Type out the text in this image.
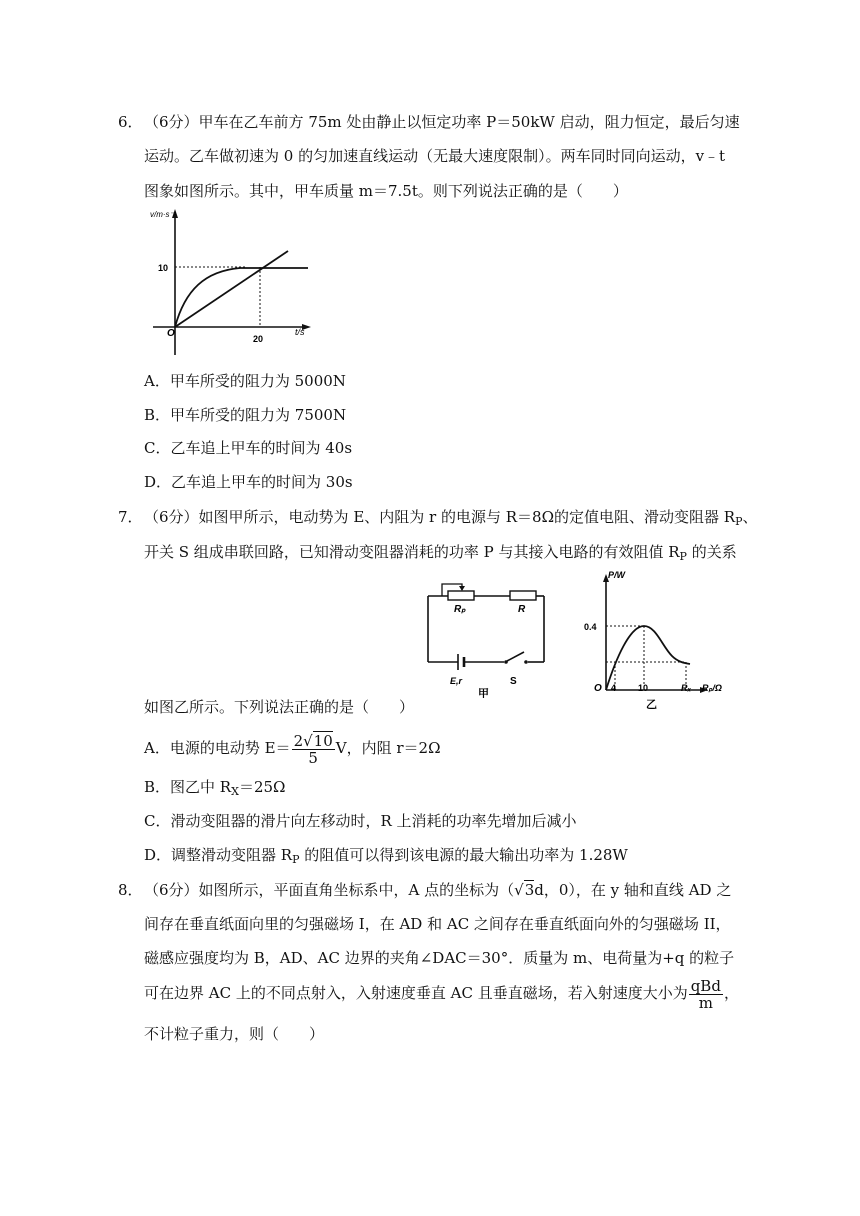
6． （6分）甲车在乙车前方 75m 处由静止以恒定功率 P＝50kW 启动，阻力恒定，最后匀速
运动。乙车做初速为 0 的匀加速直线运动（无最大速度限制）。两车同时同向运动，v﹣t
图象如图所示。其中，甲车质量 m＝7.5t。则下列说法正确的是（　　）
v/m·s⁻¹
t/s
10
20
O
A．甲车所受的阻力为 5000N
B．甲车所受的阻力为 7500N
C．乙车追上甲车的时间为 40s
D．乙车追上甲车的时间为 30s
7． （6分）如图甲所示，电动势为 E、内阻为 r 的电源与 R＝8Ω的定值电阻、滑动变阻器 $R_P$、
开关 S 组成串联回路，已知滑动变阻器消耗的功率 P 与其接入电路的有效阻值 $R_P$ 的关系
Rₚ	R
E,r	S
甲
P/W
0.4
O 4 10	Rₓ Rₚ/Ω
乙
如图乙所示。下列说法正确的是（　　）
A．电源的电动势 $E= \frac{2√10}{5}$ V，内阻 r＝2Ω
B．图乙中 $R_X=25\Omega$
C．滑动变阻器的滑片向左移动时，R 上消耗的功率先增加后减小
D．调整滑动变阻器 $R_P$ 的阻值可以得到该电源的最大输出功率为 1.28W
8． （6分）如图所示，平面直角坐标系中，A 点的坐标为（√3d，0），在 y 轴和直线 AD 之
间存在垂直纸面向里的匀强磁场 I，在 AD 和 AC 之间存在垂直纸面向外的匀强磁场 II，
磁感应强度均为 B，AD、AC 边界的夹角∠DAC＝30°．质量为 m、电荷量为+q 的粒子
可在边界 AC 上的不同点射入，入射速度垂直 AC 且垂直磁场，若入射速度大小为 $\frac{\text{qBd}}{m}$ ，
不计粒子重力，则（　　）
